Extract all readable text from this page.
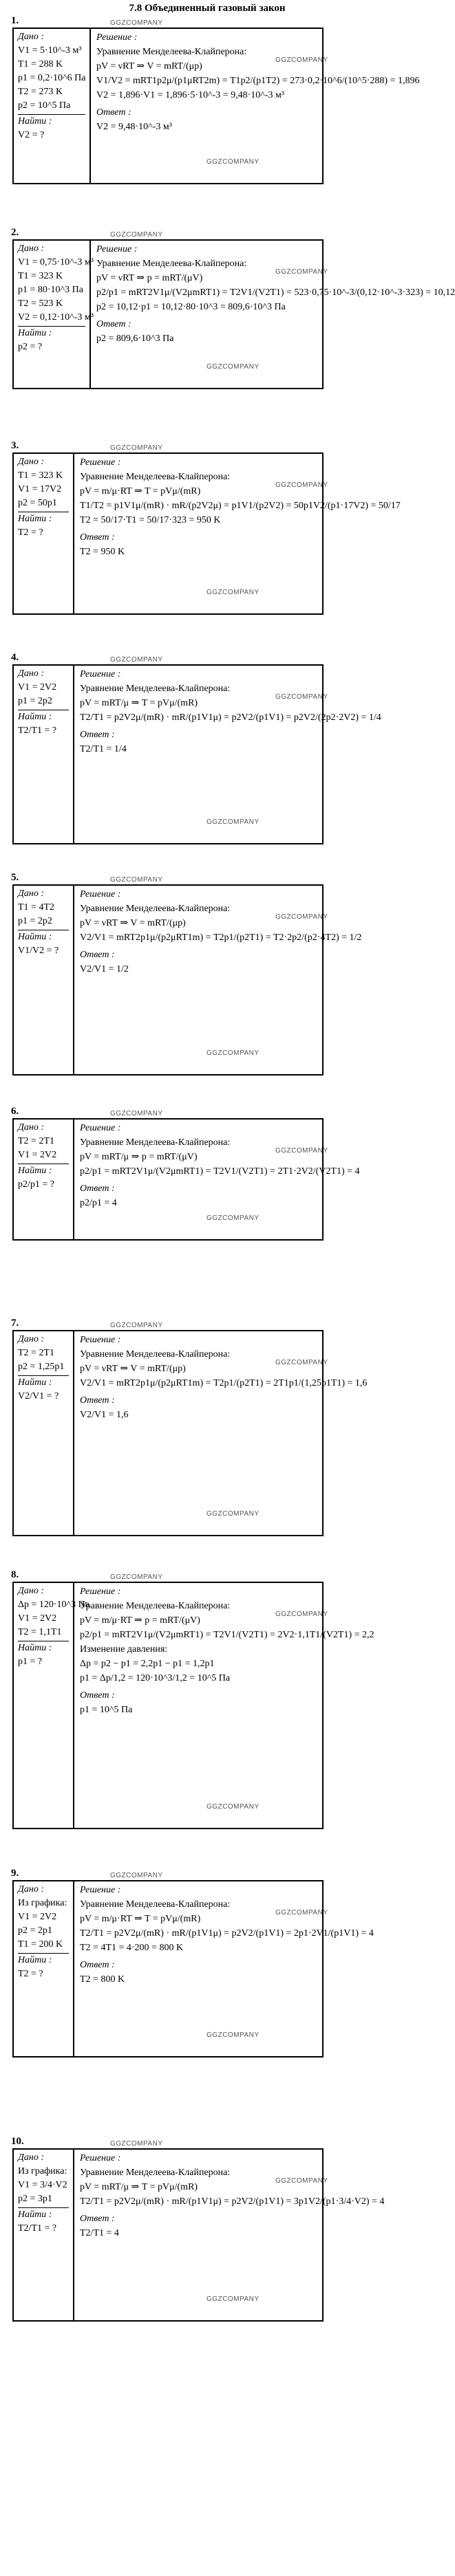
7.8 Объединенный газовый закон
1.
Дано :
V1 = 5·10^-3 м³
T1 = 288 K
p1 = 0,2·10^6 Па
T2 = 273 K
p2 = 10^5 Па
Найти :
V2 = ?
Решение :
Уравнение Менделеева-Клайперона:
pV = νRT ⇒ V = mRT/(μp)
V1/V2 = mRT1p2μ/(p1μRT2m) = T1p2/(p1T2) = 273·0,2·10^6/(10^5·288) = 1,896
V2 = 1,896·V1 = 1,896·5·10^-3 = 9,48·10^-3 м³
Ответ :
V2 = 9,48·10^-3 м³
GGZCOMPANY
GGZCOMPANY
GGZCOMPANY
2.
Дано :
V1 = 0,75·10^-3 м³
T1 = 323 K
p1 = 80·10^3 Па
T2 = 523 K
V2 = 0,12·10^-3 м³
Найти :
p2 = ?
Решение :
Уравнение Менделеева-Клайперона:
pV = νRT ⇒ p = mRT/(μV)
p2/p1 = mRT2V1μ/(V2μmRT1) = T2V1/(V2T1) = 523·0,75·10^-3/(0,12·10^-3·323) = 10,12
p2 = 10,12·p1 = 10,12·80·10^3 = 809,6·10^3 Па
Ответ :
p2 = 809,6·10^3 Па
GGZCOMPANY
GGZCOMPANY
GGZCOMPANY
3.
Дано :
T1 = 323 K
V1 = 17V2
p2 = 50p1
Найти :
T2 = ?
Решение :
Уравнение Менделеева-Клайперона:
pV = m/μ·RT ⇒ T = pVμ/(mR)
T1/T2 = p1V1μ/(mR) · mR/(p2V2μ) = p1V1/(p2V2) = 50p1V2/(p1·17V2) = 50/17
T2 = 50/17·T1 = 50/17·323 = 950 K
Ответ :
T2 = 950 K
GGZCOMPANY
GGZCOMPANY
GGZCOMPANY
4.
Дано :
V1 = 2V2
p1 = 2p2
Найти :
T2/T1 = ?
Решение :
Уравнение Менделеева-Клайперона:
pV = mRT/μ ⇒ T = pVμ/(mR)
T2/T1 = p2V2μ/(mR) · mR/(p1V1μ) = p2V2/(p1V1) = p2V2/(2p2·2V2) = 1/4
Ответ :
T2/T1 = 1/4
GGZCOMPANY
GGZCOMPANY
GGZCOMPANY
5.
Дано :
T1 = 4T2
p1 = 2p2
Найти :
V1/V2 = ?
Решение :
Уравнение Менделеева-Клайперона:
pV = νRT ⇒ V = mRT/(μp)
V2/V1 = mRT2p1μ/(p2μRT1m) = T2p1/(p2T1) = T2·2p2/(p2·4T2) = 1/2
Ответ :
V2/V1 = 1/2
GGZCOMPANY
GGZCOMPANY
GGZCOMPANY
6.
Дано :
T2 = 2T1
V1 = 2V2
Найти :
p2/p1 = ?
Решение :
Уравнение Менделеева-Клайперона:
pV = mRT/μ ⇒ p = mRT/(μV)
p2/p1 = mRT2V1μ/(V2μmRT1) = T2V1/(V2T1) = 2T1·2V2/(V2T1) = 4
Ответ :
p2/p1 = 4
GGZCOMPANY
GGZCOMPANY
GGZCOMPANY
7.
Дано :
T2 = 2T1
p2 = 1,25p1
Найти :
V2/V1 = ?
Решение :
Уравнение Менделеева-Клайперона:
pV = νRT ⇒ V = mRT/(μp)
V2/V1 = mRT2p1μ/(p2μRT1m) = T2p1/(p2T1) = 2T1p1/(1,25p1T1) = 1,6
Ответ :
V2/V1 = 1,6
GGZCOMPANY
GGZCOMPANY
GGZCOMPANY
8.
Дано :
Δp = 120·10^3 Па
V1 = 2V2
T2 = 1,1T1
Найти :
p1 = ?
Решение :
Уравнение Менделеева-Клайперона:
pV = m/μ·RT ⇒ p = mRT/(μV)
p2/p1 = mRT2V1μ/(V2μmRT1) = T2V1/(V2T1) = 2V2·1,1T1/(V2T1) = 2,2
Изменение давления:
Δp = p2 − p1 = 2,2p1 − p1 = 1,2p1
p1 = Δp/1,2 = 120·10^3/1,2 = 10^5 Па
Ответ :
p1 = 10^5 Па
GGZCOMPANY
GGZCOMPANY
GGZCOMPANY
9.
Дано :
Из графика:
V1 = 2V2
p2 = 2p1
T1 = 200 K
Найти :
T2 = ?
Решение :
Уравнение Менделеева-Клайперона:
pV = m/μ·RT ⇒ T = pVμ/(mR)
T2/T1 = p2V2μ/(mR) · mR/(p1V1μ) = p2V2/(p1V1) = 2p1·2V1/(p1V1) = 4
T2 = 4T1 = 4·200 = 800 K
Ответ :
T2 = 800 K
GGZCOMPANY
GGZCOMPANY
GGZCOMPANY
10.
Дано :
Из графика:
V1 = 3/4·V2
p2 = 3p1
Найти :
T2/T1 = ?
Решение :
Уравнение Менделеева-Клайперона:
pV = mRT/μ ⇒ T = pVμ/(mR)
T2/T1 = p2V2μ/(mR) · mR/(p1V1μ) = p2V2/(p1V1) = 3p1V2/(p1·3/4·V2) = 4
Ответ :
T2/T1 = 4
GGZCOMPANY
GGZCOMPANY
GGZCOMPANY
